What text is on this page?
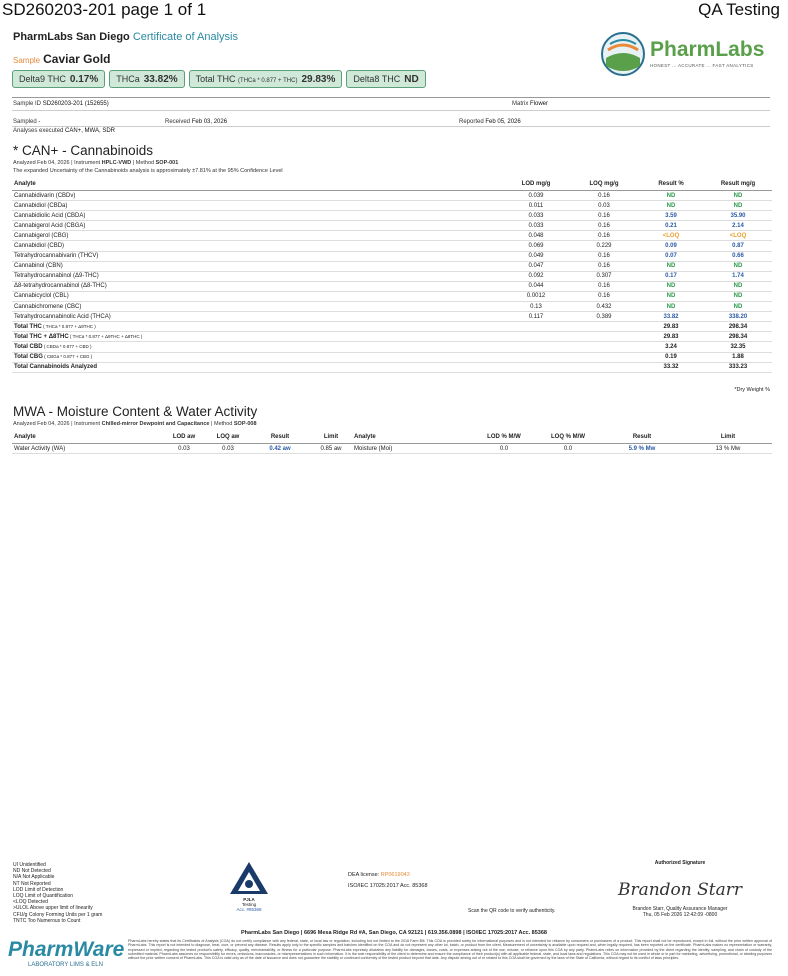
SD260203-201 page 1 of 1	QA Testing
PharmLabs San Diego Certificate of Analysis
Sample Caviar Gold
Delta9 THC 0.17%	THCa 33.82%	Total THC (THCa * 0.877 + THC) 29.83%	Delta8 THC ND
PharmLabs
HONEST ... ACCURATE ... FAST ANALYTICS
Sample ID SD260203-201 (152655)	Matrix Flower
Sampled -	Received Feb 03, 2026	Reported Feb 05, 2026
Analyses executed CAN+, MWA, SDR
* CAN+ - Cannabinoids
Analyzed Feb 04, 2026 | Instrument HPLC-VWD | Method SOP-001
The expanded Uncertainty of the Cannabinoids analysis is approximately ±7.81% at the 95% Confidence Level
Analyte	LOD mg/g	LOQ mg/g	Result %	Result mg/g
Cannabidivarin (CBDv)	0.039	0.16	ND	ND
Cannabidiol (CBDa)	0.011	0.03	ND	ND
Cannabidiolic Acid (CBDA)	0.033	0.16	3.59	35.90
Cannabigerol Acid (CBGA)	0.033	0.16	0.21	2.14
Cannabigerol (CBG)	0.048	0.16	<LOQ	<LOQ
Cannabidiol (CBD)	0.069	0.229	0.09	0.87
Tetrahydrocannabivarin (THCV)	0.049	0.16	0.07	0.66
Cannabinol (CBN)	0.047	0.16	ND	ND
Tetrahydrocannabinol (Δ9-THC)	0.092	0.307	0.17	1.74
Δ8-tetrahydrocannabinol (Δ8-THC)	0.044	0.16	ND	ND
Cannabicyclol (CBL)	0.0012	0.16	ND	ND
Cannabichromene (CBC)	0.13	0.432	ND	ND
Tetrahydrocannabinolic Acid (THCA)	0.117	0.389	33.82	338.20
Total THC ( THCa * 0.877 + Δ9THC )			29.83	298.34
Total THC + Δ8THC ( THCa * 0.877 + Δ9THC + Δ8THC )			29.83	298.34
Total CBD ( CBDa * 0.877 + CBD )			3.24	32.35
Total CBG ( CBGa * 0.877 + CBG )			0.19	1.88
Total Cannabinoids Analyzed			33.32	333.23
*Dry Weight %
MWA - Moisture Content & Water Activity
Analyzed Feb 04, 2026 | Instrument Chilled-mirror Dewpoint and Capacitance | Method SOP-008
Analyte	LOD aw	LOQ aw	Result	Limit	Analyte	LOD % M/W	LOQ % M/W	Result	Limit
Water Activity (WA)	0.03	0.03	0.42 aw	0.85 aw	Moisture (Moi)	0.0	0.0	5.9 % Mw	13 % Mw
UI Unidentified
ND Not Detected
N/A Not Applicable
NT Not Reported
LOD Limit of Detection
LOQ Limit of Quantification
<LOQ Detected
>ULOL Above upper limit of linearity
CFU/g Colony Forming Units per 1 gram
TNTC Too Numerous to Count
PJLA
Testing
Acc. #85368
DEA license: RP0619043
ISO/IEC 17025:2017 Acc. 85368
Scan the QR code to verify authenticity.
Authorized Signature
Brandon Starr
Brandon Starr, Quality Assurance Manager
Thu, 05 Feb 2026 12:42:09 -0800
PharmLabs San Diego | 6696 Mesa Ridge Rd #A, San Diego, CA 92121 | 619.356.0898 | ISO/IEC 17025:2017 Acc. 85368
PharmWare
LABORATORY LIMS & ELN
PharmLabs hereby states that its Certificates of Analysis (COA) do not certify compliance with any federal, state, or local law or regulation, including but not limited to the 2018 Farm Bill. This COA is provided solely for informational purposes and is not intended for reliance by consumers or purchasers of a product. This report shall not be reproduced, except in full, without the prior written approval of PharmLabs. This report is not intended to diagnose, treat, cure, or prevent any disease. Results apply only to the specific samples and batches identified on the COA and do not represent any other lot, batch, or product from the client. Measurement of uncertainty is available upon request and, when legally required, has been reported on the certificate. PharmLabs makes no representation or warranty, expressed or implied, regarding the tested product's safety, efficacy, quality, merchantability, or fitness for a particular purpose. PharmLabs expressly disclaims any liability for damages, losses, costs, or expenses arising out of the use, misuse, or reliance upon this COA by any party. PharmLabs relies on information provided by the client regarding the identity, sampling, and chain of custody of the submitted material. PharmLabs assumes no responsibility for errors, omissions, inaccuracies, or misrepresentations in such information. It is the sole responsibility of the client to determine and ensure the compliance of their product(s) with all applicable federal, state, and local laws and regulations. This COA may not be used in whole or in part for marketing, advertising, promotional, or labeling purposes without the prior written consent of PharmLabs. This COA is valid only as of the date of issuance and does not guarantee the stability or continued conformity of the tested product beyond that date. Any dispute arising out of or related to this COA shall be governed by the laws of the State of California, without regard to its conflict of laws principles.
